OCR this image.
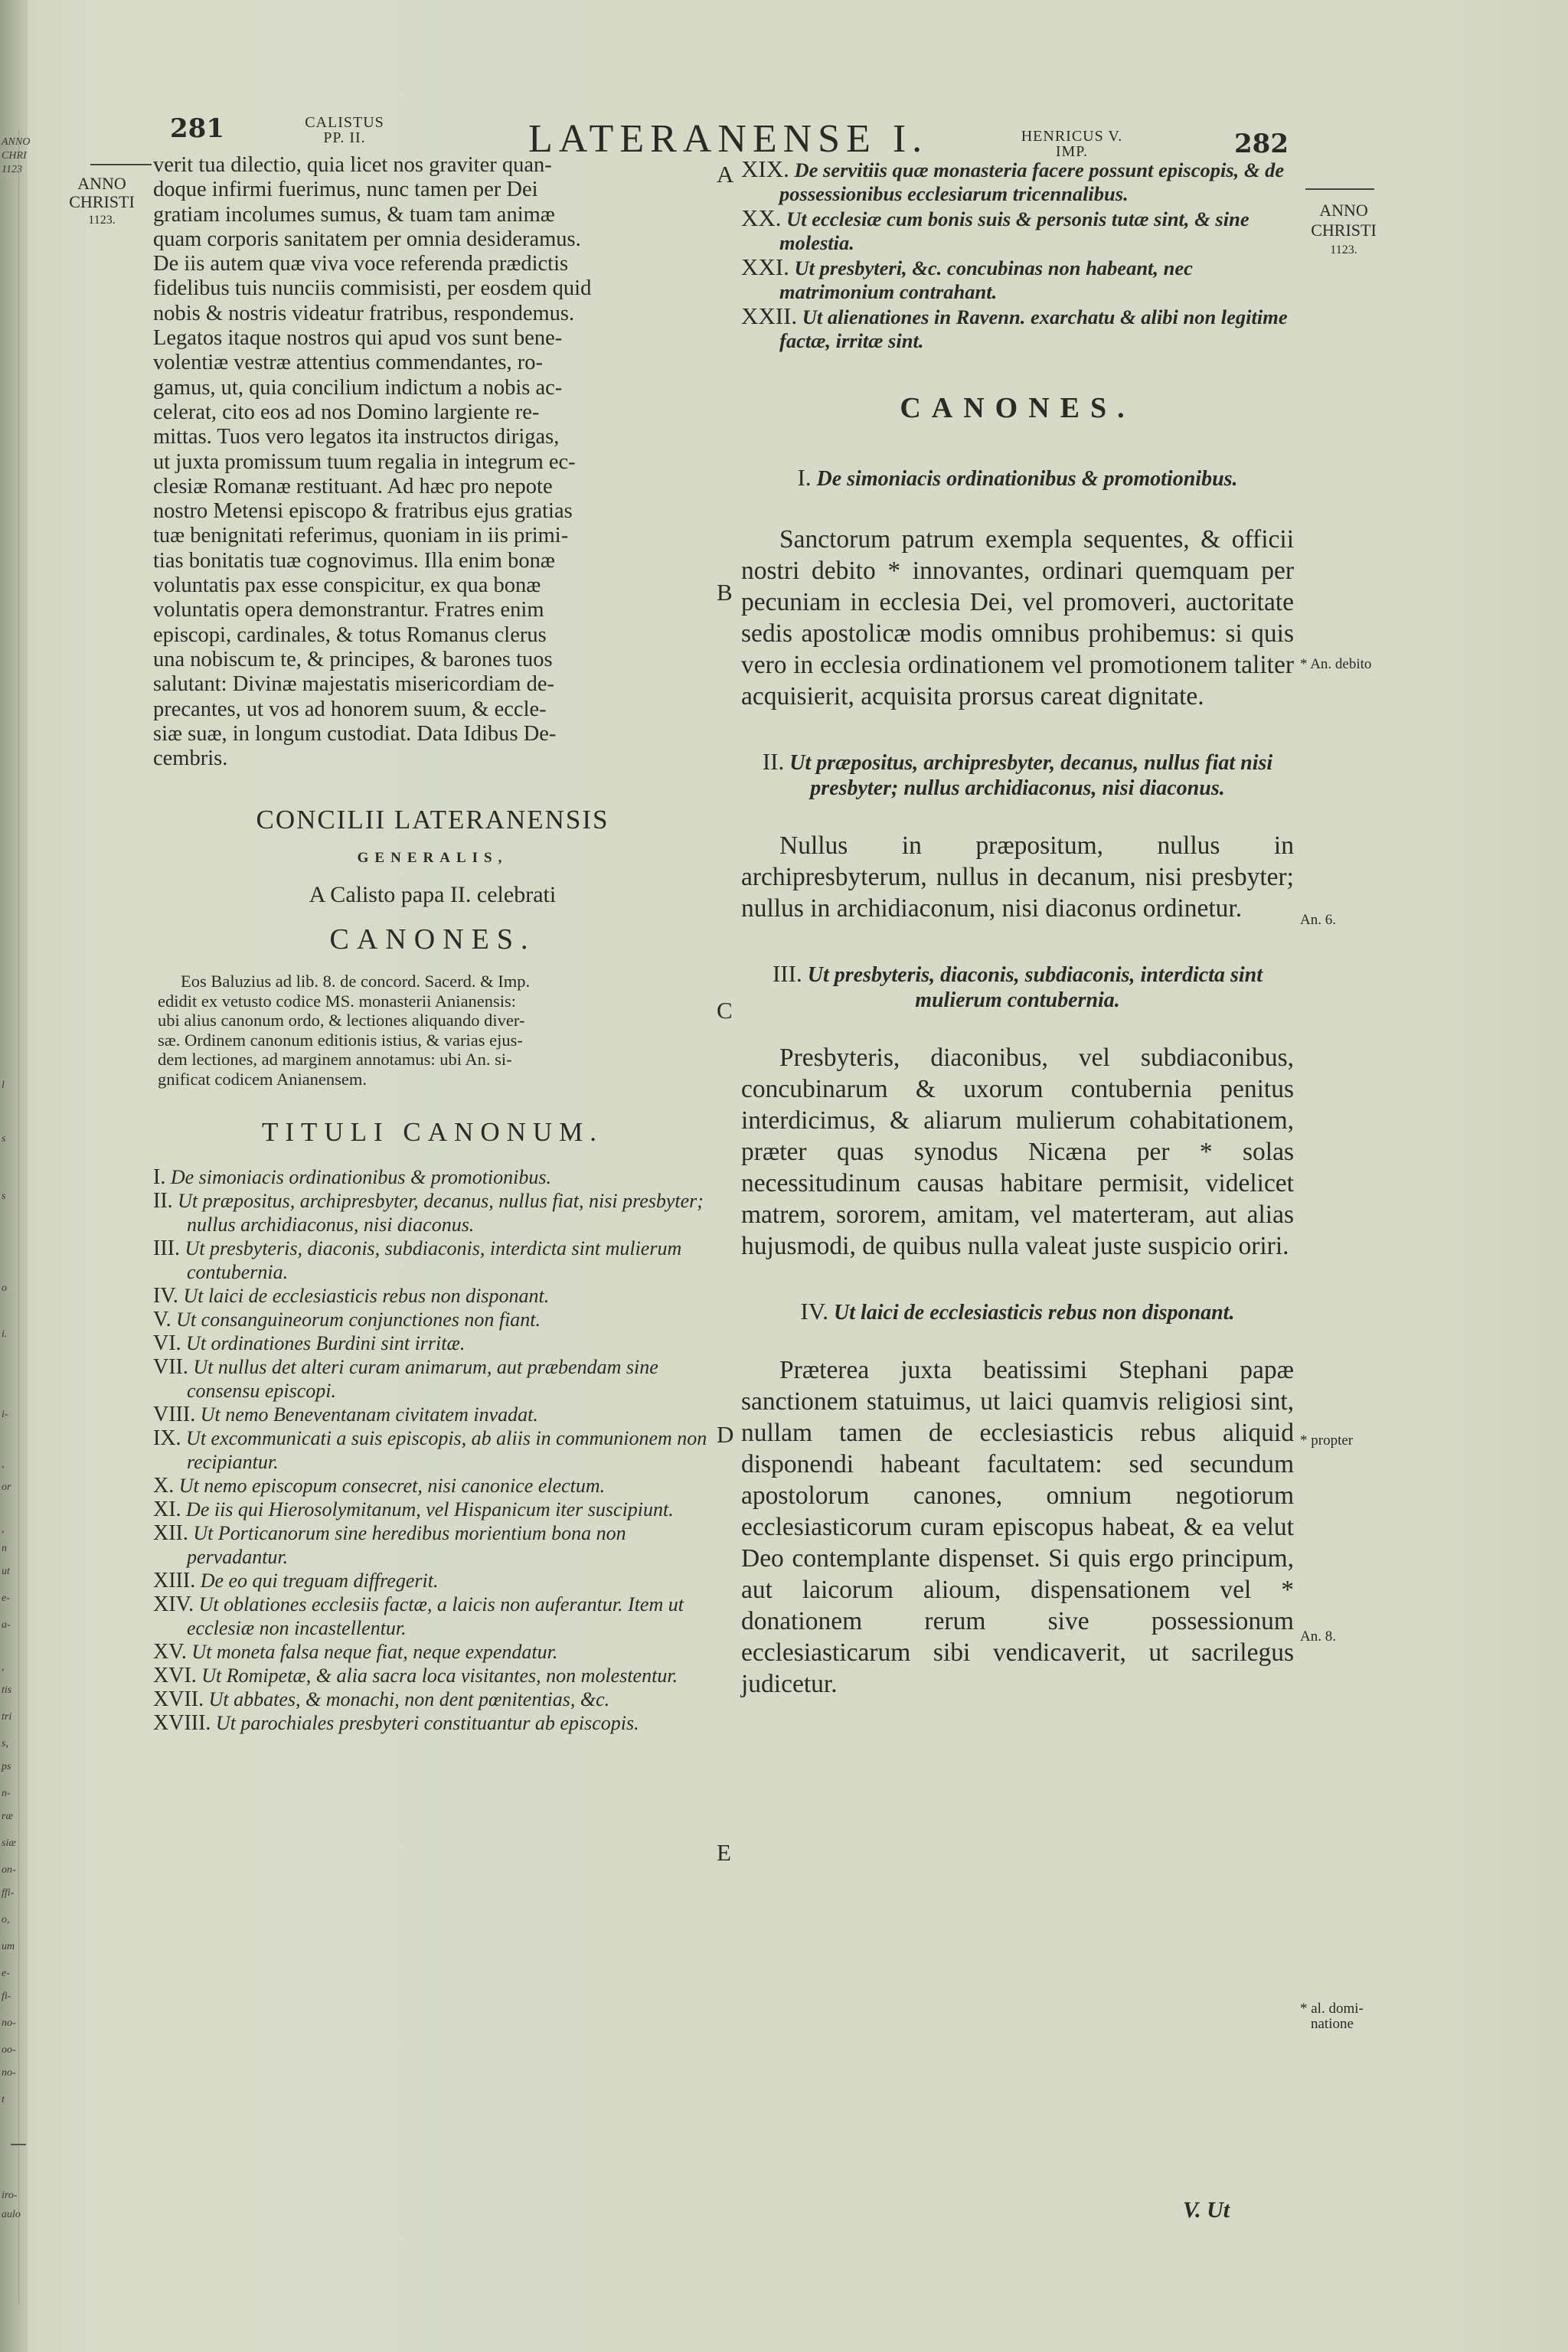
ANNO
CHRI
1123
l
s
s
o
i.
i-
,
or
,
n
ut
e-
a-
,
tis
tri
s,
ps
n-
ræ
siæ
on-
ffi-
o,
um
e-
fi-
no-
oo-
no-
t
iro-
aulo
281	CALISTUS
PP. II.	LATERANENSE I.	HENRICUS V.
IMP.	282
ANNO
CHRISTI
1123.
ANNO
CHRISTI
1123.
A
B
C
D
E
* An. debito
An. 6.
* propter
An. 8.
* al. domi-
natione
verit tua dilectio, quia licet nos graviter quan-
doque infirmi fuerimus, nunc tamen per Dei
gratiam incolumes sumus, & tuam tam animæ
quam corporis sanitatem per omnia desideramus.
De iis autem quæ viva voce referenda prædictis
fidelibus tuis nunciis commisisti, per eosdem quid
nobis & nostris videatur fratribus, respondemus.
Legatos itaque nostros qui apud vos sunt bene-
volentiæ vestræ attentius commendantes, ro-
gamus, ut, quia concilium indictum a nobis ac-
celerat, cito eos ad nos Domino largiente re-
mittas. Tuos vero legatos ita instructos dirigas,
ut juxta promissum tuum regalia in integrum ec-
clesiæ Romanæ restituant. Ad hæc pro nepote
nostro Metensi episcopo & fratribus ejus gratias
tuæ benignitati referimus, quoniam in iis primi-
tias bonitatis tuæ cognovimus. Illa enim bonæ
voluntatis pax esse conspicitur, ex qua bonæ
voluntatis opera demonstrantur. Fratres enim
episcopi, cardinales, & totus Romanus clerus
una nobiscum te, & principes, & barones tuos
salutant: Divinæ majestatis misericordiam de-
precantes, ut vos ad honorem suum, & eccle-
siæ suæ, in longum custodiat. Data Idibus De-
cembris.
CONCILII LATERANENSIS
GENERALIS,
A Calisto papa II. celebrati
CANONES.
Eos Baluzius ad lib. 8. de concord. Sacerd. & Imp.
edidit ex vetusto codice MS. monasterii Anianensis:
ubi alius canonum ordo, & lectiones aliquando diver-
sæ. Ordinem canonum editionis istius, & varias ejus-
dem lectiones, ad marginem annotamus: ubi An. si-
gnificat codicem Anianensem.
TITULI CANONUM.

I. De simoniacis ordinationibus & promotionibus.

II. Ut præpositus, archipresbyter, decanus, nullus fiat, nisi presbyter; nullus archidiaconus, nisi diaconus.

III. Ut presbyteris, diaconis, subdiaconis, interdicta sint mulierum contubernia.

IV. Ut laici de ecclesiasticis rebus non disponant.

V. Ut consanguineorum conjunctiones non fiant.

VI. Ut ordinationes Burdini sint irritæ.

VII. Ut nullus det alteri curam animarum, aut præbendam sine consensu episcopi.

VIII. Ut nemo Beneventanam civitatem invadat.

IX. Ut excommunicati a suis episcopis, ab aliis in communionem non recipiantur.

X. Ut nemo episcopum consecret, nisi canonice electum.

XI. De iis qui Hierosolymitanum, vel Hispanicum iter suscipiunt.

XII. Ut Porticanorum sine heredibus morientium bona non pervadantur.

XIII. De eo qui treguam diffregerit.

XIV. Ut oblationes ecclesiis factæ, a laicis non auferantur. Item ut ecclesiæ non incastellentur.

XV. Ut moneta falsa neque fiat, neque expendatur.

XVI. Ut Romipetæ, & alia sacra loca visitantes, non molestentur.

XVII. Ut abbates, & monachi, non dent pœnitentias, &c.

XVIII. Ut parochiales presbyteri constituantur ab episcopis.

XIX. De servitiis quæ monasteria facere possunt episcopis, & de possessionibus ecclesiarum tricennalibus.

XX. Ut ecclesiæ cum bonis suis & personis tutæ sint, & sine molestia.

XXI. Ut presbyteri, &c. concubinas non habeant, nec matrimonium contrahant.

XXII. Ut alienationes in Ravenn. exarchatu & alibi non legitime factæ, irritæ sint.

CANONES.

I. De simoniacis ordinationibus & promotionibus.

Sanctorum patrum exempla sequentes, & officii nostri debito * innovantes, ordinari quemquam per pecuniam in ecclesia Dei, vel promoveri, auctoritate sedis apostolicæ modis omnibus prohibemus: si quis vero in ecclesia ordinationem vel promotionem taliter acquisierit, acquisita prorsus careat dignitate.

II. Ut præpositus, archipresbyter, decanus, nullus fiat nisi presbyter; nullus archidiaconus, nisi diaconus.

Nullus in præpositum, nullus in archipresbyterum, nullus in decanum, nisi presbyter; nullus in archidiaconum, nisi diaconus ordinetur.

III. Ut presbyteris, diaconis, subdiaconis, interdicta sint mulierum contubernia.

Presbyteris, diaconibus, vel subdiaconibus, concubinarum & uxorum contubernia penitus interdicimus, & aliarum mulierum cohabitationem, præter quas synodus Nicæna per * solas necessitudinum causas habitare permisit, videlicet matrem, sororem, amitam, vel materteram, aut alias hujusmodi, de quibus nulla valeat juste suspicio oriri.

IV. Ut laici de ecclesiasticis rebus non disponant.

Præterea juxta beatissimi Stephani papæ sanctionem statuimus, ut laici quamvis religiosi sint, nullam tamen de ecclesiasticis rebus aliquid disponendi habeant facultatem: sed secundum apostolorum canones, omnium negotiorum ecclesiasticorum curam episcopus habeat, & ea velut Deo contemplante dispenset. Si quis ergo principum, aut laicorum alioum, dispensationem vel * donationem rerum sive possessionum ecclesiasticarum sibi vendicaverit, ut sacrilegus judicetur.

V. Ut
